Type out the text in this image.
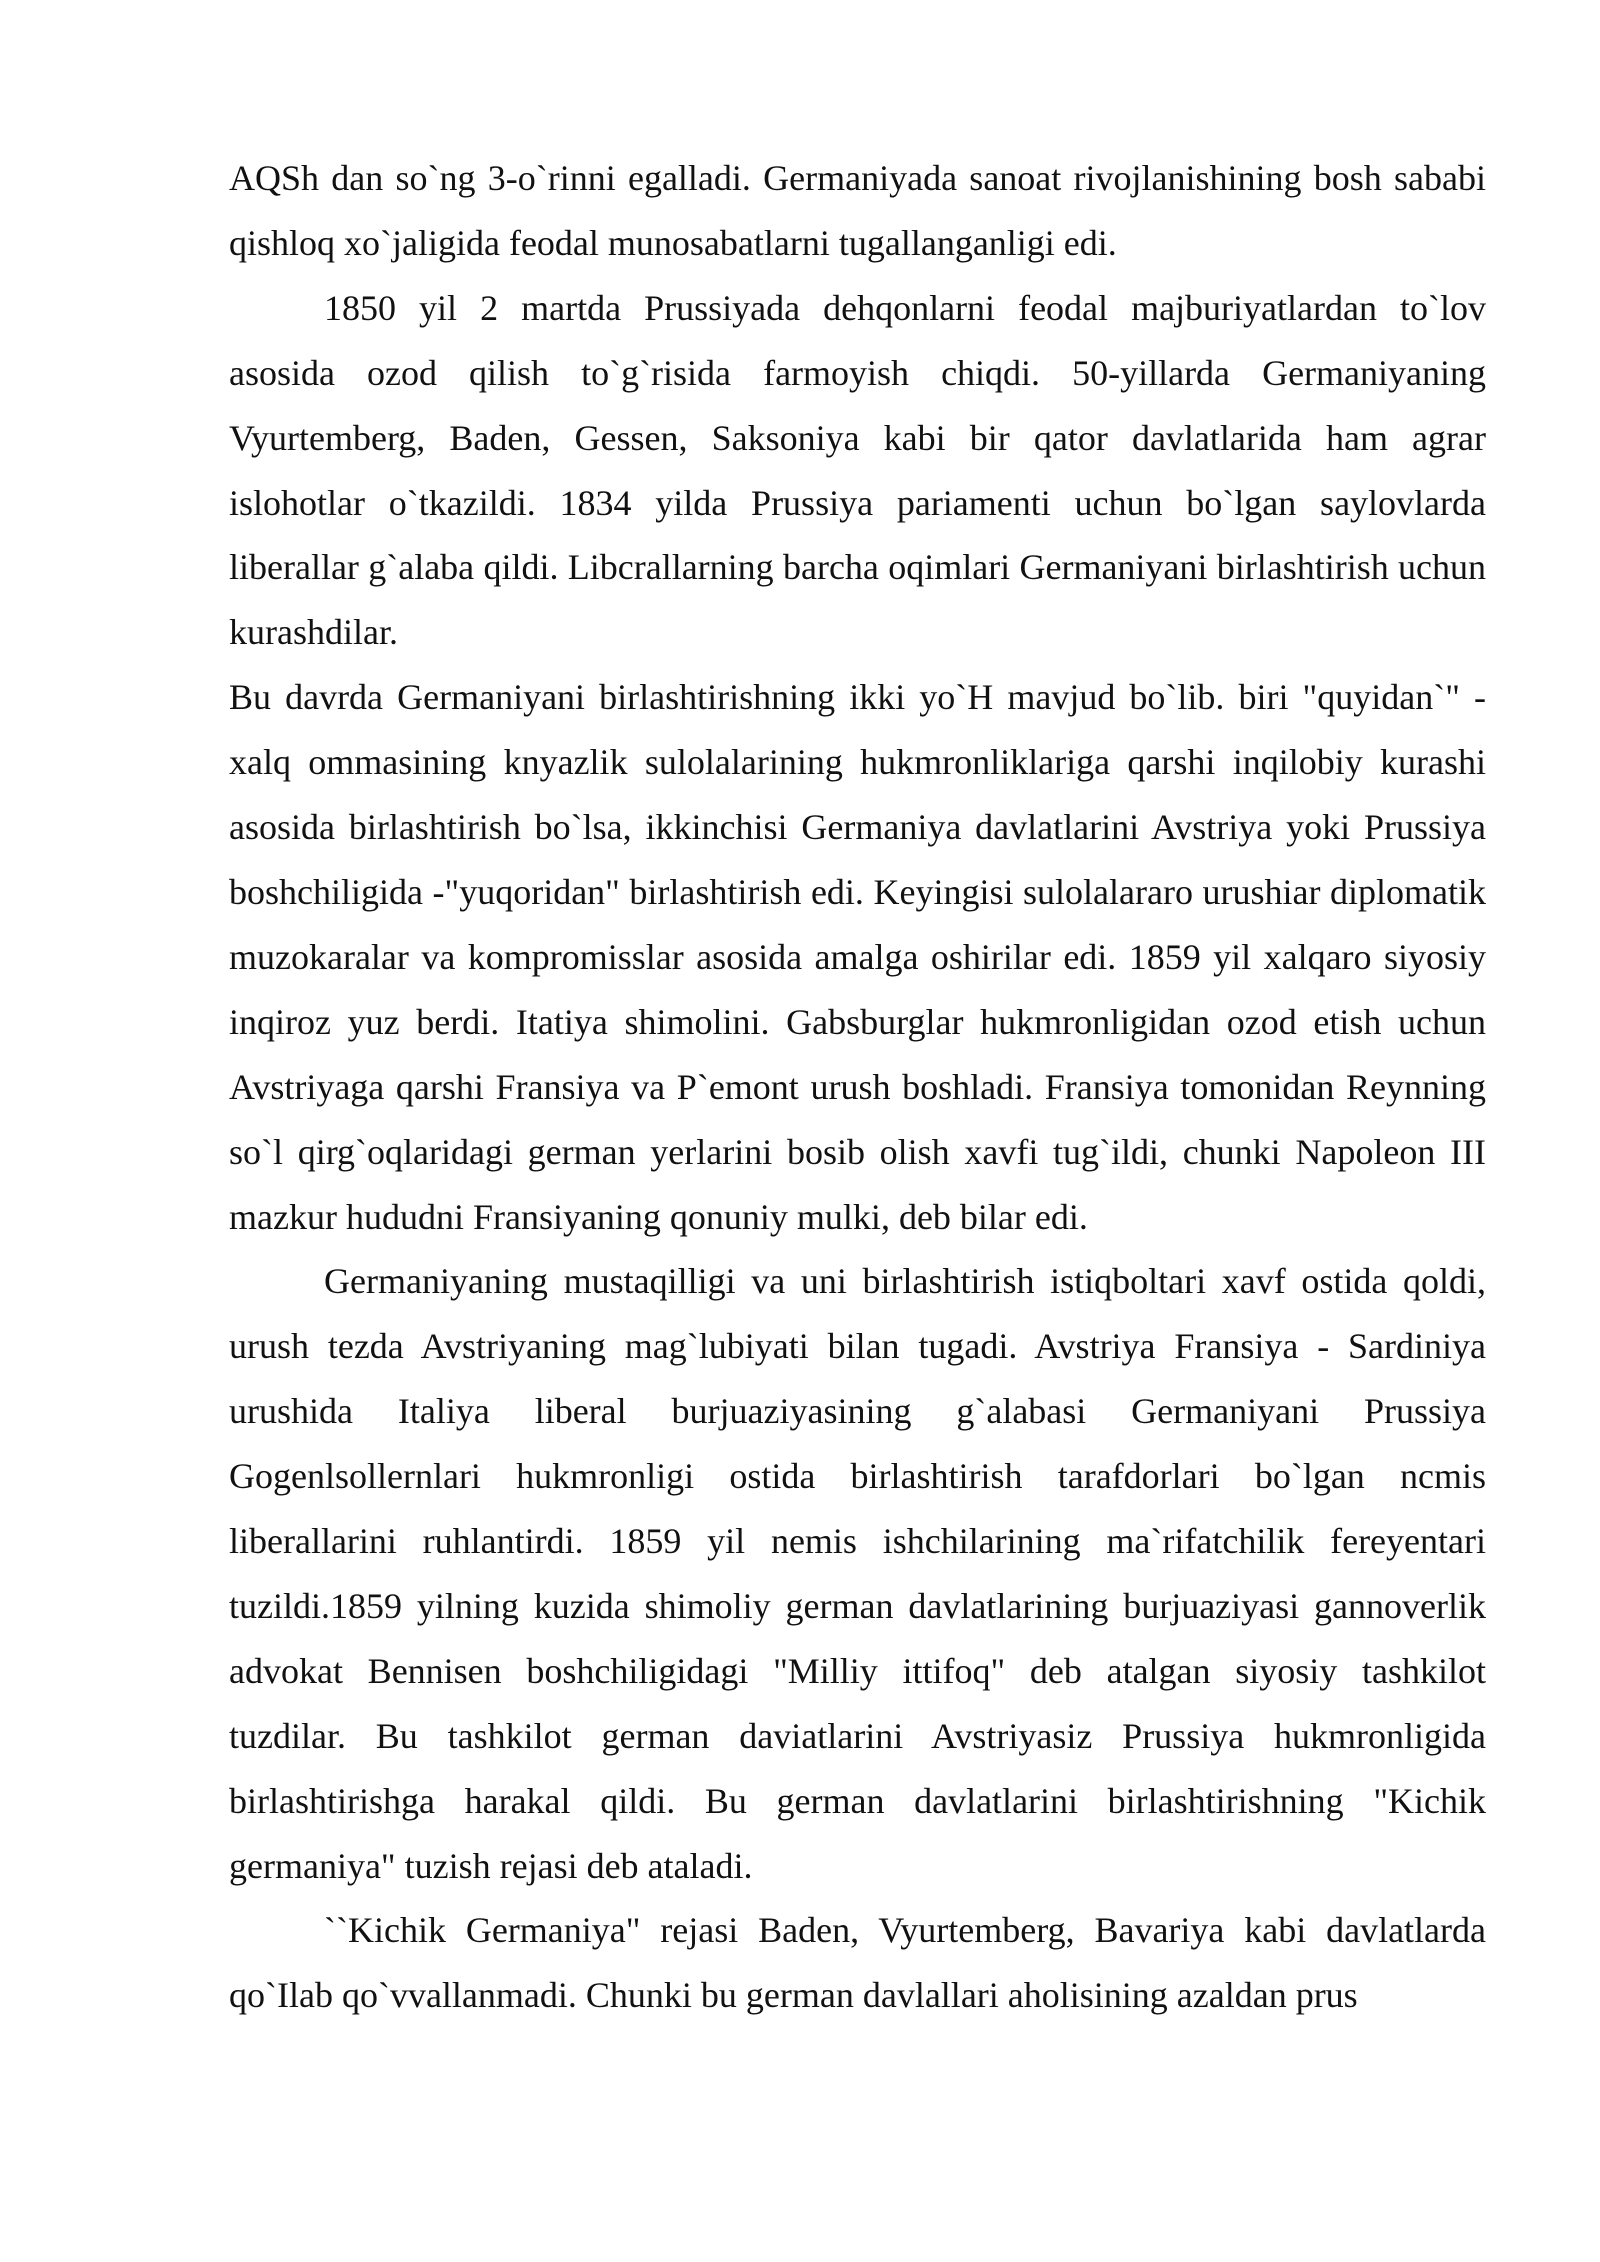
AQSh dan so`ng 3-o`rinni egalladi. Germaniyada sanoat rivojlanishining bosh sababi qishloq xo`jaligida feodal munosabatlarni tugallanganligi edi.

1850 yil 2 martda Prussiyada dehqonlarni feodal majburiyatlardan to`lov asosida ozod qilish to`g`risida farmoyish chiqdi. 50-yillarda Germaniyaning Vyurtemberg, Baden, Gessen, Saksoniya kabi bir qator davlatlarida ham agrar islohotlar o`tkazildi. 1834 yilda Prussiya pariamenti uchun bo`lgan saylovlarda liberallar g`alaba qildi. Libcrallarning barcha oqimlari Germaniyani birlashtirish uchun kurashdilar.

Bu davrda Germaniyani birlashtirishning ikki yo`H mavjud bo`lib. biri "quyidan`" -xalq ommasining knyazlik sulolalarining hukmronliklariga qarshi inqilobiy kurashi asosida birlashtirish bo`lsa, ikkinchisi Germaniya davlatlarini Avstriya yoki Prussiya boshchiligida -"yuqoridan" birlashtirish edi. Keyingisi sulolalararo urushiar diplomatik muzokaralar va kompromisslar asosida amalga oshirilar edi. 1859 yil xalqaro siyosiy inqiroz yuz berdi. Itatiya shimolini. Gabsburglar hukmronligidan ozod etish uchun Avstriyaga qarshi Fransiya va P`emont urush boshladi. Fransiya tomonidan Reynning so`l qirg`oqlaridagi german yerlarini bosib olish xavfi tug`ildi, chunki Napoleon III mazkur hududni Fransiyaning qonuniy mulki, deb bilar edi.

Germaniyaning mustaqilligi va uni birlashtirish istiqboltari xavf ostida qoldi, urush tezda Avstriyaning mag`lubiyati bilan tugadi. Avstriya Fransiya - Sardiniya urushida Italiya liberal burjuaziyasining g`alabasi Germaniyani Prussiya Gogenlsollernlari hukmronligi ostida birlashtirish tarafdorlari bo`lgan ncmis liberallarini ruhlantirdi. 1859 yil nemis ishchilarining ma`rifatchilik fereyentari tuzildi.1859 yilning kuzida shimoliy german davlatlarining burjuaziyasi gannoverlik advokat Bennisen boshchiligidagi "Milliy ittifoq" deb atalgan siyosiy tashkilot tuzdilar. Bu tashkilot german daviatlarini Avstriyasiz Prussiya hukmronligida birlashtirishga harakal qildi. Bu german davlatlarini birlashtirishning "Kichik germaniya" tuzish rejasi deb ataladi.

``Kichik Germaniya" rejasi Baden, Vyurtemberg, Bavariya kabi davlatlarda qo`Ilab qo`vvallanmadi. Chunki bu german davlallari aholisining azaldan prus
